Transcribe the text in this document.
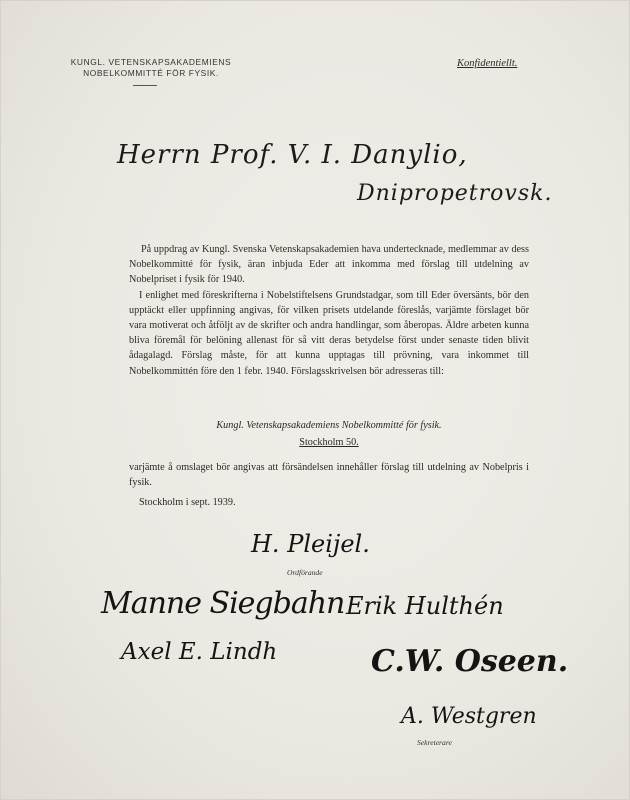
KUNGL. VETENSKAPSAKADEMIENS
NOBELKOMMITTÉ FÖR FYSIK.
Konfidentiellt.
Herrn Prof. V. I. Danylio,
Dnipropetrovsk.

På uppdrag av Kungl. Svenska Vetenskapsakademien hava undertecknade, medlemmar av dess Nobelkommitté för fysik, äran inbjuda Eder att inkomma med förslag till utdelning av Nobelpriset i fysik för 1940.

I enlighet med föreskrifterna i Nobelstiftelsens Grundstadgar, som till Eder översänts, bör den upptäckt eller uppfinning angivas, för vilken prisets utdelande föreslås, varjämte förslaget bör vara motiverat och åtföljt av de skrifter och andra handlingar, som åberopas. Äldre arbeten kunna bliva föremål för belöning allenast för så vitt deras betydelse först under senaste tiden blivit ådagalagd. Förslag måste, för att kunna upptagas till prövning, vara inkommet till Nobelkommittén före den 1 febr. 1940. Förslagsskrivelsen bör adresseras till:

Kungl. Vetenskapsakademiens Nobelkommitté för fysik.
Stockholm 50.

varjämte å omslaget bör angivas att försändelsen innehåller förslag till utdelning av Nobelpris i fysik.

Stockholm i sept. 1939.
H. Pleijel.
Ordförande
Manne Siegbahn Erik Hulthén
Axel E. Lindh	C.W. Oseen.
A. Westgren
Sekreterare
